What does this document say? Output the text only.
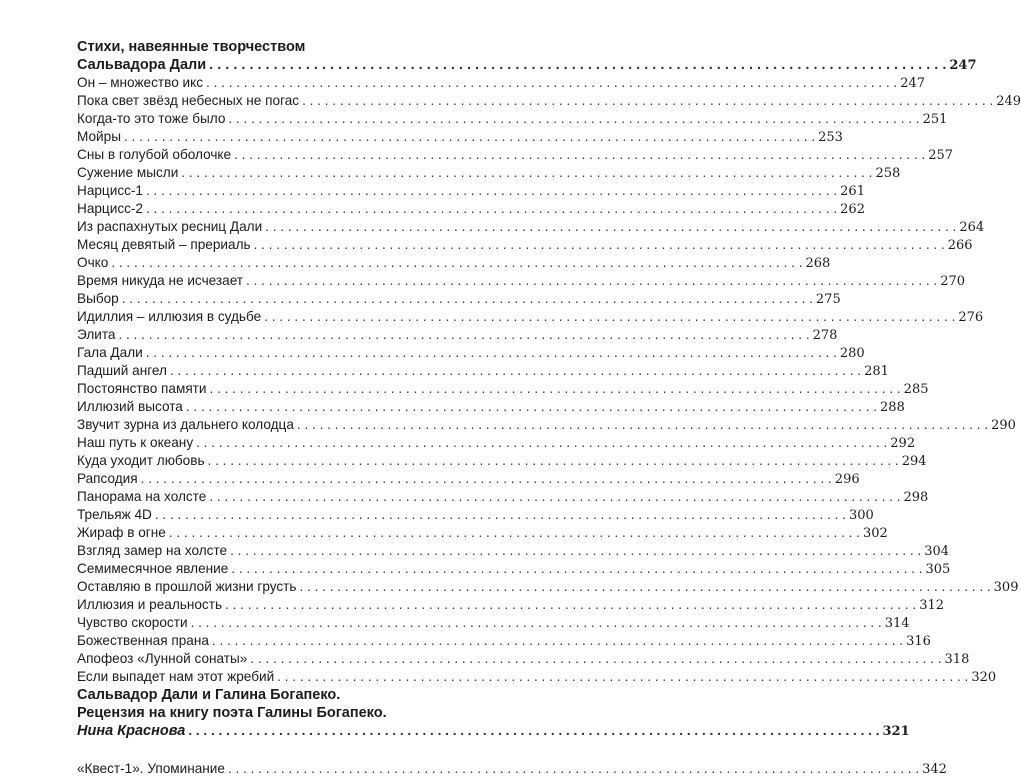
Стихи, навеянные творчеством
Сальвадора Дали . . .	247
Он – множество икс . . .	247
Пока свет звёзд небесных не погас . . .	249
Когда-то это тоже было . . .	251
Мойры . . .	253
Сны в голубой оболочке . . .	257
Сужение мысли . . .	258
Нарцисс-1 . . .	261
Нарцисс-2 . . .	262
Из распахнутых ресниц Дали . . .	264
Месяц девятый – прериаль . . .	266
Очко . . .	268
Время никуда не исчезает . . .	270
Выбор . . .	275
Идиллия – иллюзия в судьбе . . .	276
Элита . . .	278
Гала Дали . . .	280
Падший ангел . . .	281
Постоянство памяти . . .	285
Иллюзий высота . . .	288
Звучит зурна из дальнего колодца . . .	290
Наш путь к океану . . .	292
Куда уходит любовь . . .	294
Рапсодия . . .	296
Панорама на холсте . . .	298
Трельяж 4D . . .	300
Жираф в огне . . .	302
Взгляд замер на холсте . . .	304
Семимесячное явление . . .	305
Оставляю в прошлой жизни грусть . . .	309
Иллюзия и реальность . . .	312
Чувство скорости . . .	314
Божественная прана . . .	316
Апофеоз «Лунной сонаты» . . .	318
Если выпадет нам этот жребий . . .	320
Сальвадор Дали и Галина Богапеко.
Рецензия на книгу поэта Галины Богапеко.
Нина Краснова . . .	321
«Квест-1». Упоминание . . .	342
